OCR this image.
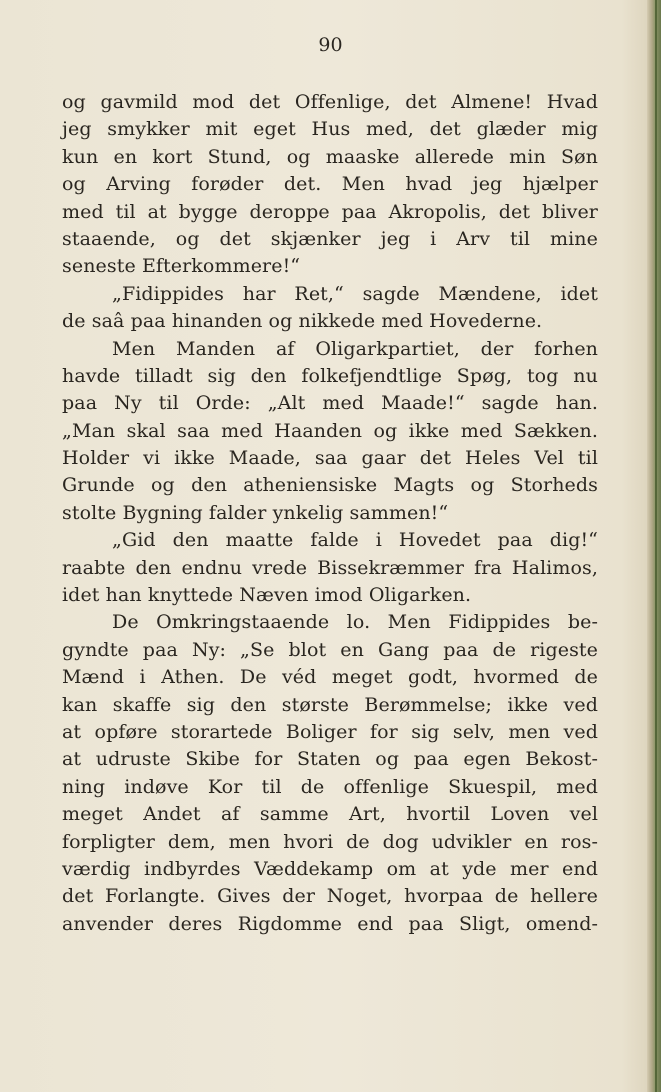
90
og gavmild mod det Offenlige, det Almene! Hvad
jeg smykker mit eget Hus med, det glæder mig
kun en kort Stund, og maaske allerede min Søn
og Arving forøder det. Men hvad jeg hjælper
med til at bygge deroppe paa Akropolis, det bliver
staaende, og det skjænker jeg i Arv til mine
seneste Efterkommere!“
„Fidippides har Ret,“ sagde Mændene, idet
de saâ paa hinanden og nikkede med Hovederne.
Men Manden af Oligarkpartiet, der forhen
havde tilladt sig den folkefjendtlige Spøg, tog nu
paa Ny til Orde: „Alt med Maade!“ sagde han.
„Man skal saa med Haanden og ikke med Sækken.
Holder vi ikke Maade, saa gaar det Heles Vel til
Grunde og den atheniensiske Magts og Storheds
stolte Bygning falder ynkelig sammen!“
„Gid den maatte falde i Hovedet paa dig!“
raabte den endnu vrede Bissekræmmer fra Halimos,
idet han knyttede Næven imod Oligarken.
De Omkringstaaende lo. Men Fidippides be-
gyndte paa Ny: „Se blot en Gang paa de rigeste
Mænd i Athen. De véd meget godt, hvormed de
kan skaffe sig den største Berømmelse; ikke ved
at opføre storartede Boliger for sig selv, men ved
at udruste Skibe for Staten og paa egen Bekost-
ning indøve Kor til de offenlige Skuespil, med
meget Andet af samme Art, hvortil Loven vel
forpligter dem, men hvori de dog udvikler en ros-
værdig indbyrdes Væddekamp om at yde mer end
det Forlangte. Gives der Noget, hvorpaa de hellere
anvender deres Rigdomme end paa Sligt, omend-
